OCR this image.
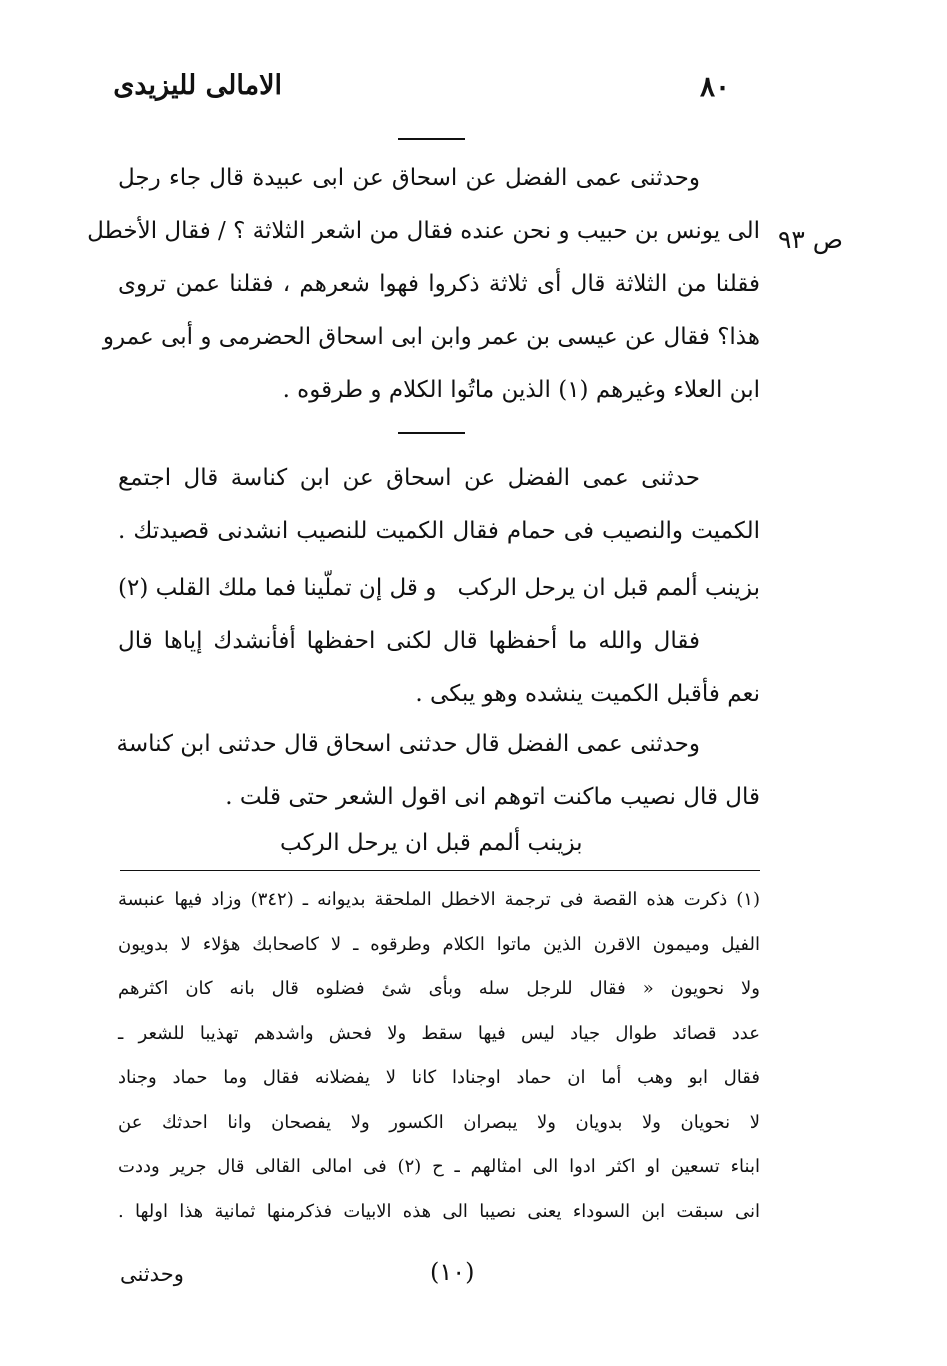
الامالى لليزيدى	٨٠
ص ٩٣
وحدثنى عمى الفضل عن اسحاق عن ابى عبيدة قال جاء رجل
الى يونس بن حبيب و نحن عنده فقال من اشعر الثلاثة ؟ / فقال الأخطل
فقلنا من الثلاثة قال أى ثلاثة ذكروا فهوا شعرهم ، فقلنا عمن تروى
هذا؟ فقال عن عيسى بن عمر وابن ابى اسحاق الحضرمى و أبى عمرو
ابن العلاء وغيرهم (١) الذين ماتُوا الكلام و طرقوه .
حدثنى عمى الفضل عن اسحاق عن ابن كناسة قال اجتمع
الكميت والنصيب فى حمام فقال الكميت للنصيب انشدنى قصيدتك .
بزينب ألمم قبل ان يرحل الركب
و قل إن تملّينا فما ملك القلب (٢)
فقال والله ما أحفظها قال لكنى احفظها أفأنشدك إياها قال
نعم فأقبل الكميت ينشده وهو يبكى .
وحدثنى عمى الفضل قال حدثنى اسحاق قال حدثنى ابن كناسة
قال قال نصيب ماكنت اتوهم انى اقول الشعر حتى قلت .
بزينب ألمم قبل ان يرحل الركب
(١) ذكرت هذه القصة فى ترجمة الاخطل الملحقة بديوانه ـ (٣٤٢) وزاد فيها عنبسة
الفيل وميمون الاقرن الذين ماتوا الكلام وطرقوه ـ لا كاصحابك هؤلاء لا بدويون
ولا نحويون « فقال للرجل سله وبأى شئ فضلوه قال بانه كان اكثرهم
عدد قصائد طوال جياد ليس فيها سقط ولا فحش واشدهم تهذيبا للشعر ـ
فقال ابو وهب أما ان حماد اوجنادا كانا لا يفضلانه فقال وما حماد وجناد
لا نحويان ولا بدويان ولا يبصران الكسور ولا يفصحان وانا احدثك عن
ابناء تسعين او اكثر ادوا الى امثالهم ـ ح (٢) فى امالى القالى قال جرير وددت
انى سبقت ابن السوداء يعنى نصيبا الى هذه الابيات فذكرمنها ثمانية هذا اولها .
(١٠)
وحدثنى
